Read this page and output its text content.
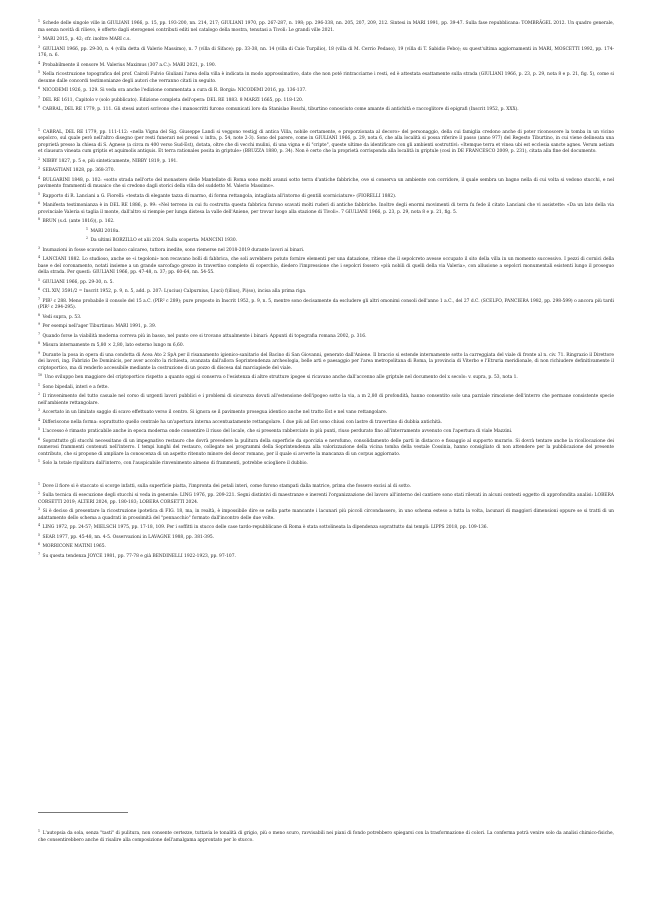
$^1$ Schede delle singole ville in GIULIANI 1966, p. 15, pp. 193-200, nn. 214, 217; GIULIANI 1970, pp. 267-287, n. 198; pp. 296-338, nn. 205, 207, 209, 212. Sintesi in MARI 1991, pp. 39-47. Sulla fase repubblicana: TOMBRÄGEL 2012. Un quadro generale, ma senza novità di rilievo, è offerto dagli eterogenei contributi editi nel catalogo della mostra, tenutasi a Tivoli: Le grandi ville 2021.

$^2$ MARI 2015, p. 42; cfr. inoltre MARI c.s.

$^3$ GIULIANI 1966, pp. 29-30, n. 4 (villa detta di Valerio Massimo), n. 7 (villa di Siface); pp. 33-38, nn. 14 (villa di Caio Turpilio), 18 (villa di M. Cerrio Pedaso), 19 (villa di T. Sabidio Febo); su quest'ultima aggiornamenti in MARI, MOSCETTI 1992, pp. 174-176, n. 6.

$^4$ Probabilmente il censore M. Valerius Maximus (307 a.C.): MARI 2021, p. 190.

$^5$ Nella ricostruzione topografica del prof. Cairoli Fulvio Giuliani l'area della villa è indicata in modo approssimativo, dato che non poté rintracciarne i resti, ed è attestata esattamente sulla strada (GIULIANI 1966, p. 23, p. 29, nota 8 e p. 21, fig. 5), come si desume dalle concordi testimonianze degli autori che verranno citati in seguito.

$^6$ NICODEMI 1926, p. 129. Si veda ora anche l'edizione commentata a cura di R. Borgia: NICODEMI 2016, pp. 136-137.

$^7$ DEL RE 1611, Capitolo v (solo pubblicato). Edizione completa dell'opera: DEL RE 1883. 8 MARZI 1665, pp. 118-120.

$^9$ CABRAL, DEL RE 1779, p. 111. Gli stessi autori scrivono che i manoscritti furono comunicati loro da Stanislao Boschi, tiburtino conosciuto come amante di antichità e raccoglitore di epigrafi (Inscrit 1952, p. XXX).

$^1$ CABRAL, DEL RE 1779, pp. 111-112: «nella Vigna del Sig. Giuseppe Landi si veggono vestigj di antica Villa, nobile certamente, e proporzionata al decoro» del personaggio, della cui famiglia credono anche di poter riconoscere la tomba in un vicino sepolcro, sul quale però nell'altro disegno (per resti funerari nei pressi v. infra, p. 54, note 2-3). Sono del parere, come in GIULIANI 1966, p. 29, nota 6, che alla località si possa riferire il passo (anno 977) del Regesto Tiburtino, in cui viene delineata una proprietà presso la chiesa di S. Agnese (a circa m 400 verso Sud-Est), dotata, oltre che di vecchi mulini, di una vigna e di "cripte", queste ultime da identificare con gli ambienti sostruttivi: «Itemque terra et vinea ubi est ecclesia sancte agnes. Verum aetiam et clausura vineata cum griptis et aquimolis antiquis. Et terra rationales posita in griptule» (BRUZZA 1880, p. 34). Non è certo che la proprietà corrisponda alla località in griptule (così in DE FRANCESCO 2009, p. 231), citata alla fine del documento.

$^2$ NIBBY 1827, p. 5 e, più sinteticamente, NIBBY 1819, p. 191.

$^3$ SEBASTIANI 1828, pp. 368-370.

$^4$ BULGARINI 1848, p. 102: «sotto strada nell'orto del monastero delle Mantellate di Roma sono molti avanzi sotto terra d'antiche fabbriche, ove si conserva un ambiente con corridore, il quale sembra un bagno nella di cui volta si vedono stucchi, e nel pavimento frammenti di musaico che si credono dagli storici della villa del suddetto M. Valerio Massimo».

$^5$ Rapporto di R. Lanciani a G. Fiorelli: «testata di elegante tazza di marmo, di forma rettangola, intagliata all'intorno di gentili scorniciature» (FIORELLI 1882).

$^6$ Manifesta testimonianza è in DEL RE 1886, p. 99: «Nel terreno in cui fu costrutta questa fabbrica furono scavati molti ruderi di antiche fabbriche. Inoltre degli enormi movimenti di terra fu fede il citato Lanciani che vi assistette: «Da un lato della via provinciale Valeria si taglia il monte, dall'altro si riempie per lunga distesa la valle dell'Aniene, per trovar luogo alla stazione di Tivoli». 7 GIULIANI 1966, p. 23, p. 29, nota 8 e p. 21, fig. 5.

$^8$ BRUN (s.d. (ante 1816)), p. 162.

$^1$ MARI 2018a.

$^2$ Da ultimi BORZILLO et alii 2024. Sulla scoperta: MANCINI 1930.

$^3$ Inumazioni in fosse scavate nel banco calcareo, tuttora inedite, sono riemerse nel 2018-2019 durante lavori ai binari.

$^4$ LANCIANI 1882. Lo studioso, anche se «i tegoloni» non recavano bolli di fabbrica, che soli avrebbero potuto fornire elementi per una datazione, ritiene che il sepolcreto avesse occupato il sito della villa in un momento successivo. I pezzi di cornici della base e del coronamento, notati insieme a un grande sarcofago grezzo in travertino completo di coperchio, diedero l'impressione che i sepolcri fossero «più nobili di quelli della via Valeria», con allusione a sepolcri monumentali esistenti lungo il proseguo della strada. Per questi: GIULIANI 1966, pp. 47-48, n. 37; pp. 60-64, nn. 54-55.

$^5$ GIULIANI 1966, pp. 29-30, n. 5.

$^6$ CIL XIV, 3591/2 = Inscrit 1952, p. 9, n. 5, add. p. 207: L(ucius) Calpurnius, L(uci) f(ilius), Pi(so), incisa alla prima riga.

$^7$ PIR² c 288. Meno probabile il console del 15 a.C. (PIR² c 289); pure proposto in Inscrit 1952, p. 9, n. 5, mentre sono decisamente da escludere gli altri omonimi consoli dell'anno 1 a.C., del 27 d.C. (SCELFO, PANCIERA 1982, pp. 298-599) o ancora più tardi (PIR² c 294-295).

$^8$ Vedi supra, p. 53.

$^9$ Per esempi nell'ager Tiburtinus: MARI 1991, p. 39.

$^7$ Quando forse la viabilità moderna correva più in basso, nel punto ove si trovano attualmente i binari: Appunti di topografia romana 2002, p. 316.

$^8$ Misura internamente m 5,80 × 2,80, lato esterno lungo m 6,60.

$^9$ Durante la posa in opera di una condotta di Acea Ato 2 SpA per il risanamento igienico-sanitario del Bacino di San Giovanni, generato dall'Aniene. Il braccio si estende internamente sotto la carreggiata del viale di fronte al n. civ. 71. Ringrazio il Direttore dei lavori, ing. Fabrizio De Dominicis, per aver accolto la richiesta, avanzata dall'allora Soprintendenza archeologia, belle arti e paesaggio per l'area metropolitana di Roma, la provincia di Viterbo e l'Etruria meridionale, di non richiudere definitivamente il criptoportico, ma di renderlo accessibile mediante la costruzione di un pozzo di discesa dal marciapiede del viale.

$^{10}$ Uno sviluppo ben maggiore del criptoportico rispetto a quanto oggi si conserva o l'esistenza di altre strutture ipogee si ricavano anche dall'accenno alle griptule nel documento del x secolo: v. supra, p. 53, nota 1.

$^1$ Sono bipedali, interi e a fette.

$^2$ Il rinvenimento del tutto casuale nel corso di urgenti lavori pubblici e i problemi di sicurezza dovuti all'estensione dell'ipogeo sotto la via, a m 2,80 di profondità, hanno consentito solo una parziale rimozione dell'interro che permane consistente specie nell'ambiente rettangolare.

$^3$ Accertato in un limitato saggio di scavo effettuato verso il centro. Si ignora se il pavimento prosegua identico anche nel tratto Est e nel vano rettangolare.

$^4$ Differiscono nella forma: soprattutto quello centrale ha un'apertura interna accentuatamente rettangolare. I due più ad Est sono chiusi con lastre di travertino di dubbia antichità.

$^5$ L'accesso è rimasto praticabile anche in epoca moderna onde consentire il riuso del locale, che si presenta rabberciato in più punti, riuso perdurato fino all'interramento avvenuto con l'apertura di viale Mazzini.

$^6$ Soprattutto gli stucchi necessitano di un impegnativo restauro che dovrà prevedere la pulitura della superficie da sporcizia e nerofumo, consolidamento delle parti in distacco e fissaggio al supporto murario. Si dovrà tentare anche la ricollocazione dei numerosi frammenti contenuti nell'interro. I tempi lunghi del restauro, collegato nei programmi della Soprintendenza alla valorizzazione della vicina tomba della vestale Cossinia, hanno consigliato di non attendere per la pubblicazione del presente contributo, che si propone di ampliare la conoscenza di un aspetto ritenuto minore del decor romano, per il quale si avverte la mancanza di un corpus aggiornato.

$^1$ Solo la totale ripulitura dall'interro, con l'auspicabile rinvenimento almeno di frammenti, potrebbe sciogliere il dubbio.

$^1$ Dove il fiore si è staccato si scorge infatti, sulla superficie piatta, l'impronta dei petali interi, come furono stampati dalla matrice, prima che fossero excisi al di sotto.

$^2$ Sulla tecnica di esecuzione degli stucchi si veda in generale: LING 1976, pp. 209-221. Segni distintivi di maestranze e inerenti l'organizzazione del lavoro all'interno del cantiere sono stati rilevati in alcuni contesti oggetto di approfondita analisi: LOBERA CORSETTI 2019; ALTERI 2024, pp. 180-183; LOBERA CORSETTI 2024.

$^3$ Si è deciso di presentare la ricostruzione ipotetica di FIG. 18, ma, in realtà, è impossibile dire se nella parte mancante i lacunari più piccoli circondassero, in uno schema esteso a tutta la volta, lacunari di maggiori dimensioni oppure se si tratti di un adattamento dello schema a quadrati in prossimità del "pennacchio" formato dall'incontro delle due volte.

$^4$ LING 1972, pp. 24-57; MIELSCH 1975, pp. 17-18, 109. Per i soffitti in stucco delle case tardo-repubblicane di Roma è stata sottolineata la dipendenza soprattutto dai templi: LIPPS 2018, pp. 109-136.

$^5$ SEAR 1977, pp. 45-48, nn. 4-5. Osservazioni in LAVAGNE 1988, pp. 381-395.

$^6$ MORRICONE MATINI 1965.

$^7$ Su questa tendenza JOYCE 1981, pp. 77-78 e già BENDINELLI 1922-1923, pp. 97-107.

$^1$ L'autopsia da sola, senza "tasti" di pulitura, non consente certezze, tuttavia le tonalità di grigio, più o meno scuro, ravvisabili nei piani di fondo potrebbero spiegarsi con la trasformazione di colori. La conferma potrà venire solo da analisi chimico-fisiche, che consentirebbero anche di risalire alla composizione dell'amalgama approntato per lo stucco.
